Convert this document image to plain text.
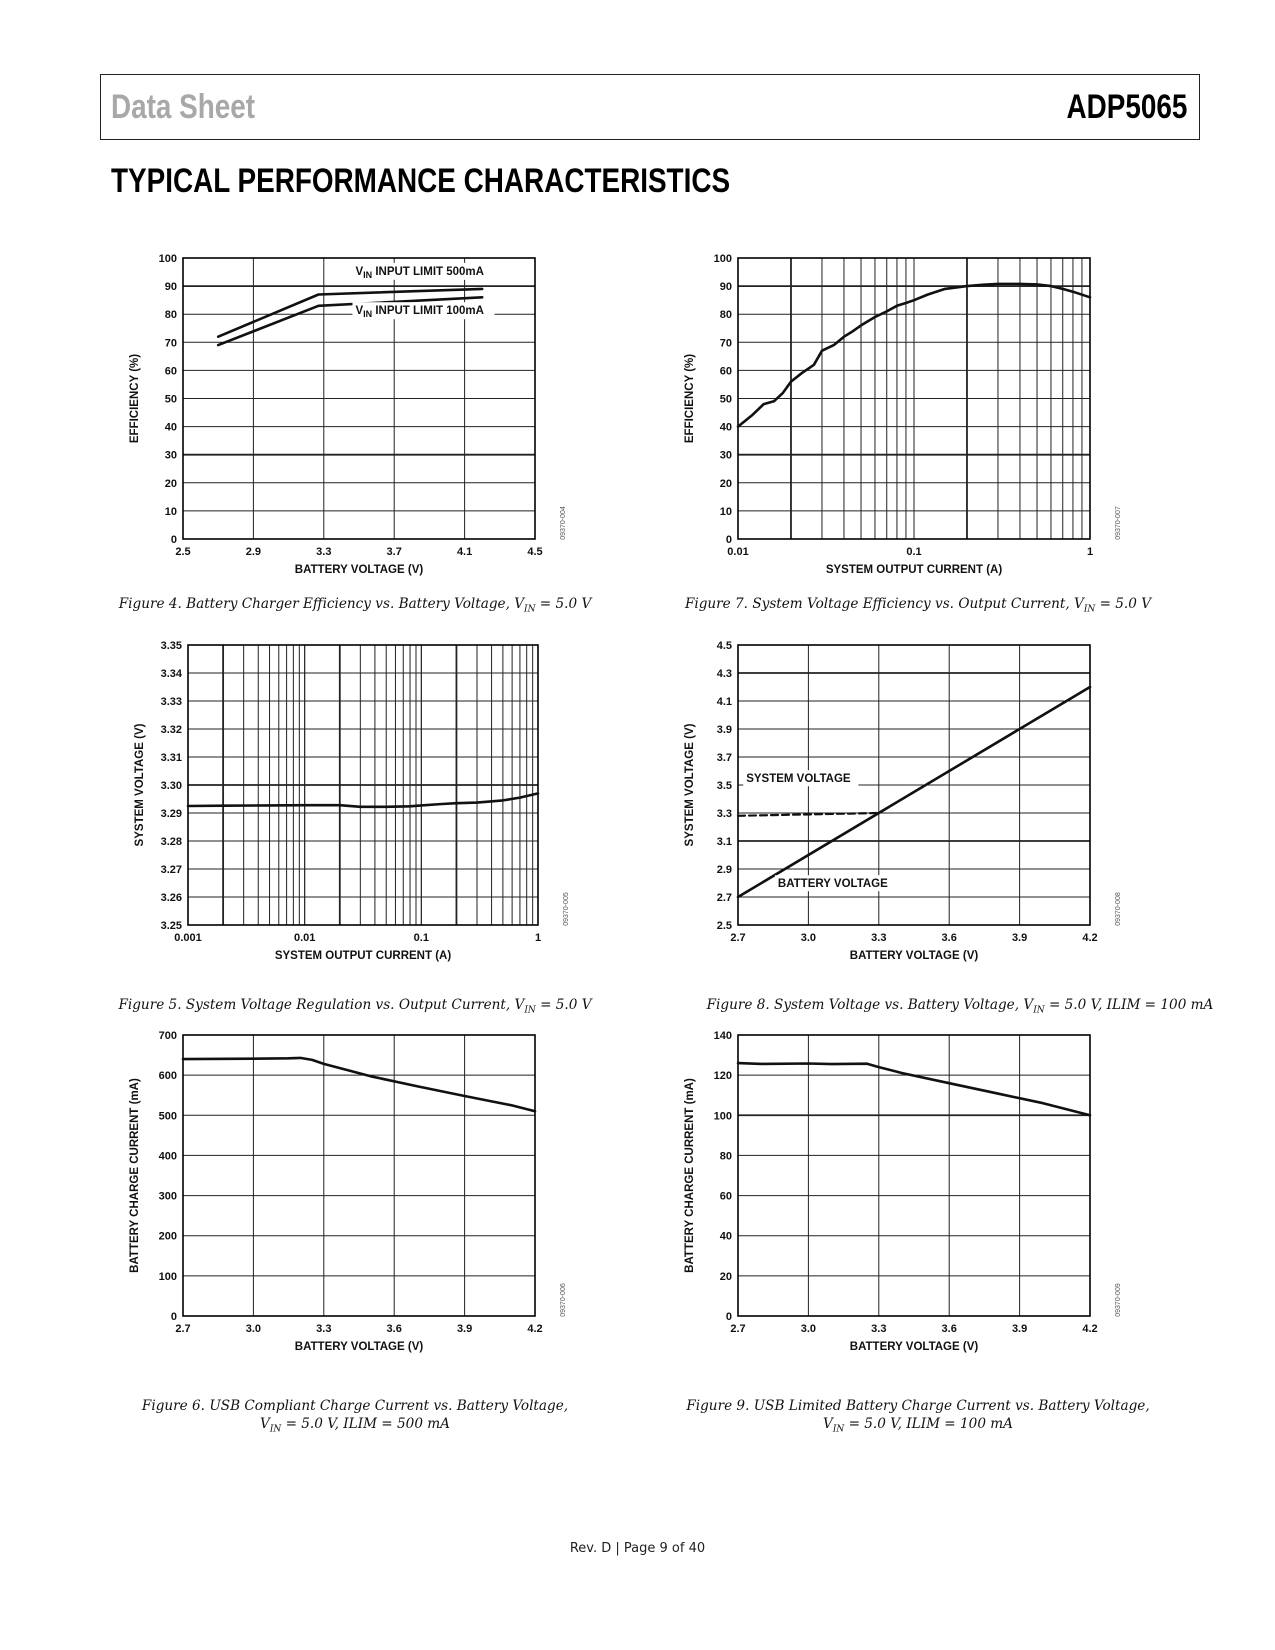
Data Sheet	ADP5065
TYPICAL PERFORMANCE CHARACTERISTICS
0
10
20
30
40
50
60
70
80
90
100
2.5	2.9	3.3	3.7	4.1	4.5
BATTERY VOLTAGE (V)
EFFICIENCY (%)
09370-004
$V_{IN}$ INPUT LIMIT 500mA
$V_{IN}$ INPUT LIMIT 100mA
Figure 4. Battery Charger Efficiency vs. Battery Voltage, $V_{IN} = 5.0$ V
0
10
20
30
40
50
60
70
80
90
100
0.01	0.1	1
SYSTEM OUTPUT CURRENT (A)
EFFICIENCY (%)
09370-007
Figure 7. System Voltage Efficiency vs. Output Current, $V_{IN} = 5.0$ V
3.25
3.26
3.27
3.28
3.29
3.30
3.31
3.32
3.33
3.34
3.35
0.001	0.01	0.1	1
SYSTEM OUTPUT CURRENT (A)
SYSTEM VOLTAGE (V)
09370-005
Figure 5. System Voltage Regulation vs. Output Current, $V_{IN} = 5.0$ V
2.5
2.7
2.9
3.1
3.3
3.5
3.7
3.9
4.1
4.3
4.5
2.7	3.0	3.3	3.6	3.9	4.2
BATTERY VOLTAGE (V)
SYSTEM VOLTAGE (V)
09370-008
SYSTEM VOLTAGE
BATTERY VOLTAGE
Figure 8. System Voltage vs. Battery Voltage, $V_{IN} = 5.0$ V, ILIM = 100 mA
0
100
200
300
400
500
600
700
2.7	3.0	3.3	3.6	3.9	4.2
BATTERY VOLTAGE (V)
BATTERY CHARGE CURRENT (mA)
09370-006
Figure 6. USB Compliant Charge Current vs. Battery Voltage,
$V_{IN} = 5.0$ V, ILIM = 500 mA
0
20
40
60
80
100
120
140
2.7	3.0	3.3	3.6	3.9	4.2
BATTERY VOLTAGE (V)
BATTERY CHARGE CURRENT (mA)
09370-009
Figure 9. USB Limited Battery Charge Current vs. Battery Voltage,
$V_{IN} = 5.0$ V, ILIM = 100 mA
Rev. D | Page 9 of 40
